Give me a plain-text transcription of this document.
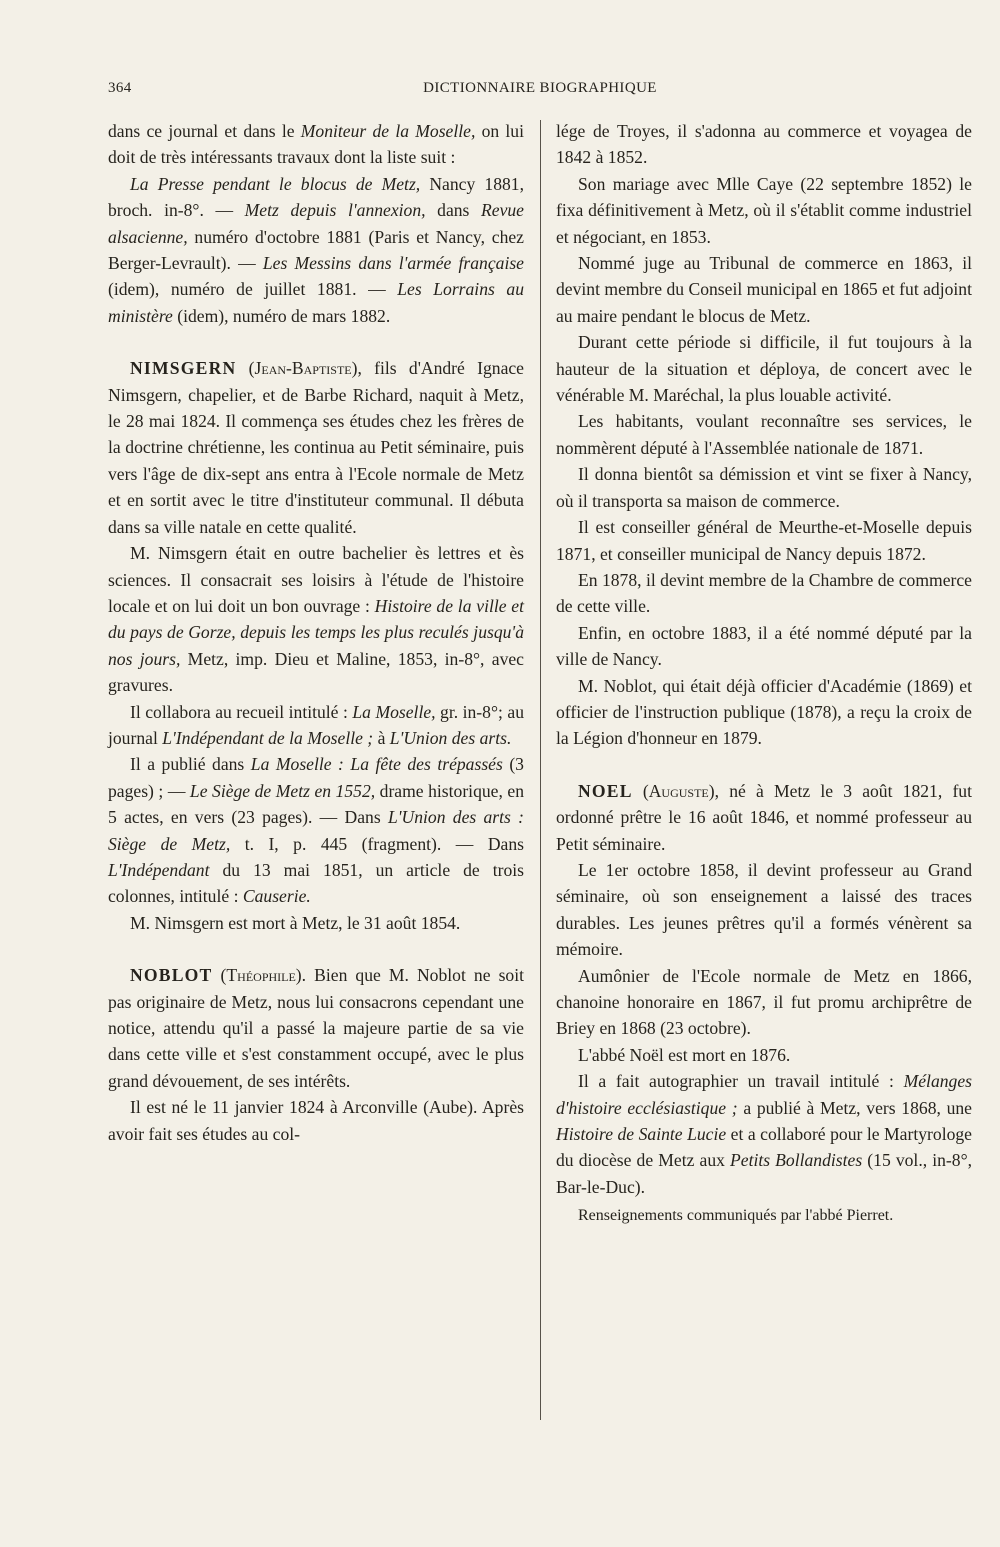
364	DICTIONNAIRE BIOGRAPHIQUE

dans ce journal et dans le Moniteur de la Moselle, on lui doit de très intéressants travaux dont la liste suit :

La Presse pendant le blocus de Metz, Nancy 1881, broch. in-8°. — Metz depuis l'annexion, dans Revue alsacienne, numéro d'octobre 1881 (Paris et Nancy, chez Berger-Levrault). — Les Messins dans l'armée française (idem), numéro de juillet 1881. — Les Lorrains au ministère (idem), numéro de mars 1882.

NIMSGERN (Jean-Baptiste), fils d'André Ignace Nimsgern, chapelier, et de Barbe Richard, naquit à Metz, le 28 mai 1824. Il commença ses études chez les frères de la doctrine chrétienne, les continua au Petit séminaire, puis vers l'âge de dix-sept ans entra à l'Ecole normale de Metz et en sortit avec le titre d'instituteur communal. Il débuta dans sa ville natale en cette qualité.

M. Nimsgern était en outre bachelier ès lettres et ès sciences. Il consacrait ses loisirs à l'étude de l'histoire locale et on lui doit un bon ouvrage : Histoire de la ville et du pays de Gorze, depuis les temps les plus reculés jusqu'à nos jours, Metz, imp. Dieu et Maline, 1853, in-8°, avec gravures.

Il collabora au recueil intitulé : La Moselle, gr. in-8°; au journal L'Indépendant de la Moselle ; à L'Union des arts.

Il a publié dans La Moselle : La fête des trépassés (3 pages) ; — Le Siège de Metz en 1552, drame historique, en 5 actes, en vers (23 pages). — Dans L'Union des arts : Siège de Metz, t. I, p. 445 (fragment). — Dans L'Indépendant du 13 mai 1851, un article de trois colonnes, intitulé : Causerie.

M. Nimsgern est mort à Metz, le 31 août 1854.

NOBLOT (Théophile). Bien que M. Noblot ne soit pas originaire de Metz, nous lui consacrons cependant une notice, attendu qu'il a passé la majeure partie de sa vie dans cette ville et s'est constamment occupé, avec le plus grand dévouement, de ses intérêts.

Il est né le 11 janvier 1824 à Arconville (Aube). Après avoir fait ses études au col-

lége de Troyes, il s'adonna au commerce et voyagea de 1842 à 1852.

Son mariage avec Mlle Caye (22 septembre 1852) le fixa définitivement à Metz, où il s'établit comme industriel et négociant, en 1853.

Nommé juge au Tribunal de commerce en 1863, il devint membre du Conseil municipal en 1865 et fut adjoint au maire pendant le blocus de Metz.

Durant cette période si difficile, il fut toujours à la hauteur de la situation et déploya, de concert avec le vénérable M. Maréchal, la plus louable activité.

Les habitants, voulant reconnaître ses services, le nommèrent député à l'Assemblée nationale de 1871.

Il donna bientôt sa démission et vint se fixer à Nancy, où il transporta sa maison de commerce.

Il est conseiller général de Meurthe-et-Moselle depuis 1871, et conseiller municipal de Nancy depuis 1872.

En 1878, il devint membre de la Chambre de commerce de cette ville.

Enfin, en octobre 1883, il a été nommé député par la ville de Nancy.

M. Noblot, qui était déjà officier d'Académie (1869) et officier de l'instruction publique (1878), a reçu la croix de la Légion d'honneur en 1879.

NOEL (Auguste), né à Metz le 3 août 1821, fut ordonné prêtre le 16 août 1846, et nommé professeur au Petit séminaire.

Le 1er octobre 1858, il devint professeur au Grand séminaire, où son enseignement a laissé des traces durables. Les jeunes prêtres qu'il a formés vénèrent sa mémoire.

Aumônier de l'Ecole normale de Metz en 1866, chanoine honoraire en 1867, il fut promu archiprêtre de Briey en 1868 (23 octobre).

L'abbé Noël est mort en 1876.

Il a fait autographier un travail intitulé : Mélanges d'histoire ecclésiastique ; a publié à Metz, vers 1868, une Histoire de Sainte Lucie et a collaboré pour le Martyrologe du diocèse de Metz aux Petits Bollandistes (15 vol., in-8°, Bar-le-Duc).

Renseignements communiqués par l'abbé Pierret.
